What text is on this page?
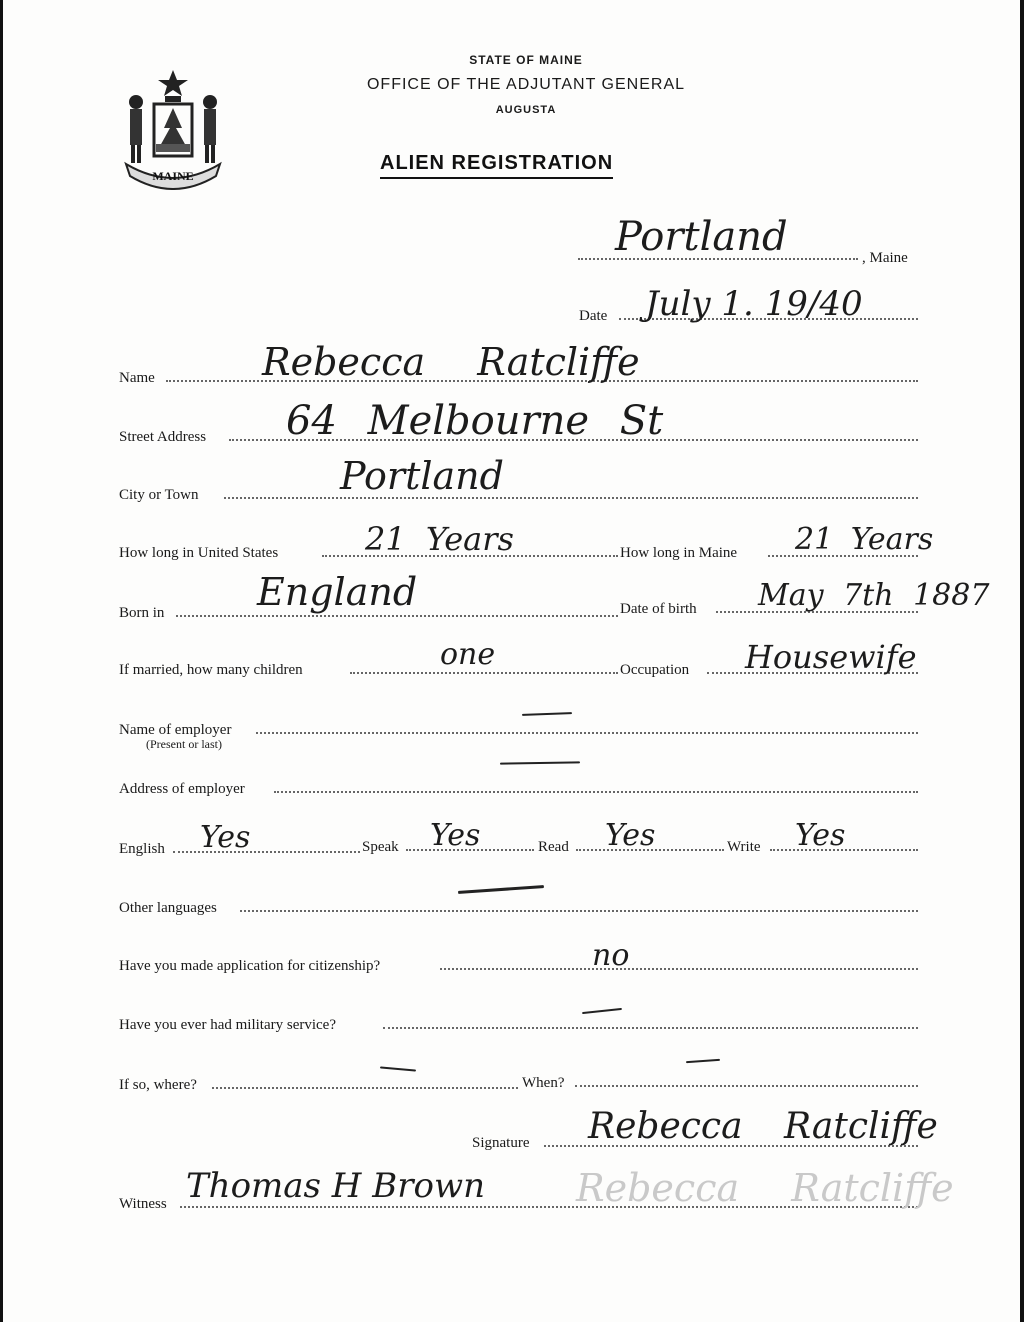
MAINE
STATE OF MAINE
OFFICE OF THE ADJUTANT GENERAL
AUGUSTA
ALIEN REGISTRATION
Portland	, Maine
Date July 1. 19/40
Name	Rebecca Ratcliffe
Street Address 64 Melbourne St
City or Town	Portland
How long in United States	21 Years	How long in Maine 21 Years
Born in England	Date of birth May 7th 1887
If married, how many children	one	Occupation Housewife
Name of employer
(Present or last)
Address of employer
English Yes	Speak Yes	Read Yes	Write Yes
Other languages
Have you made application for citizenship?	no
Have you ever had military service?
If so, where?	When?
Signature Rebecca Ratcliffe
Witness Thomas H Brown Rebecca Ratcliffe
